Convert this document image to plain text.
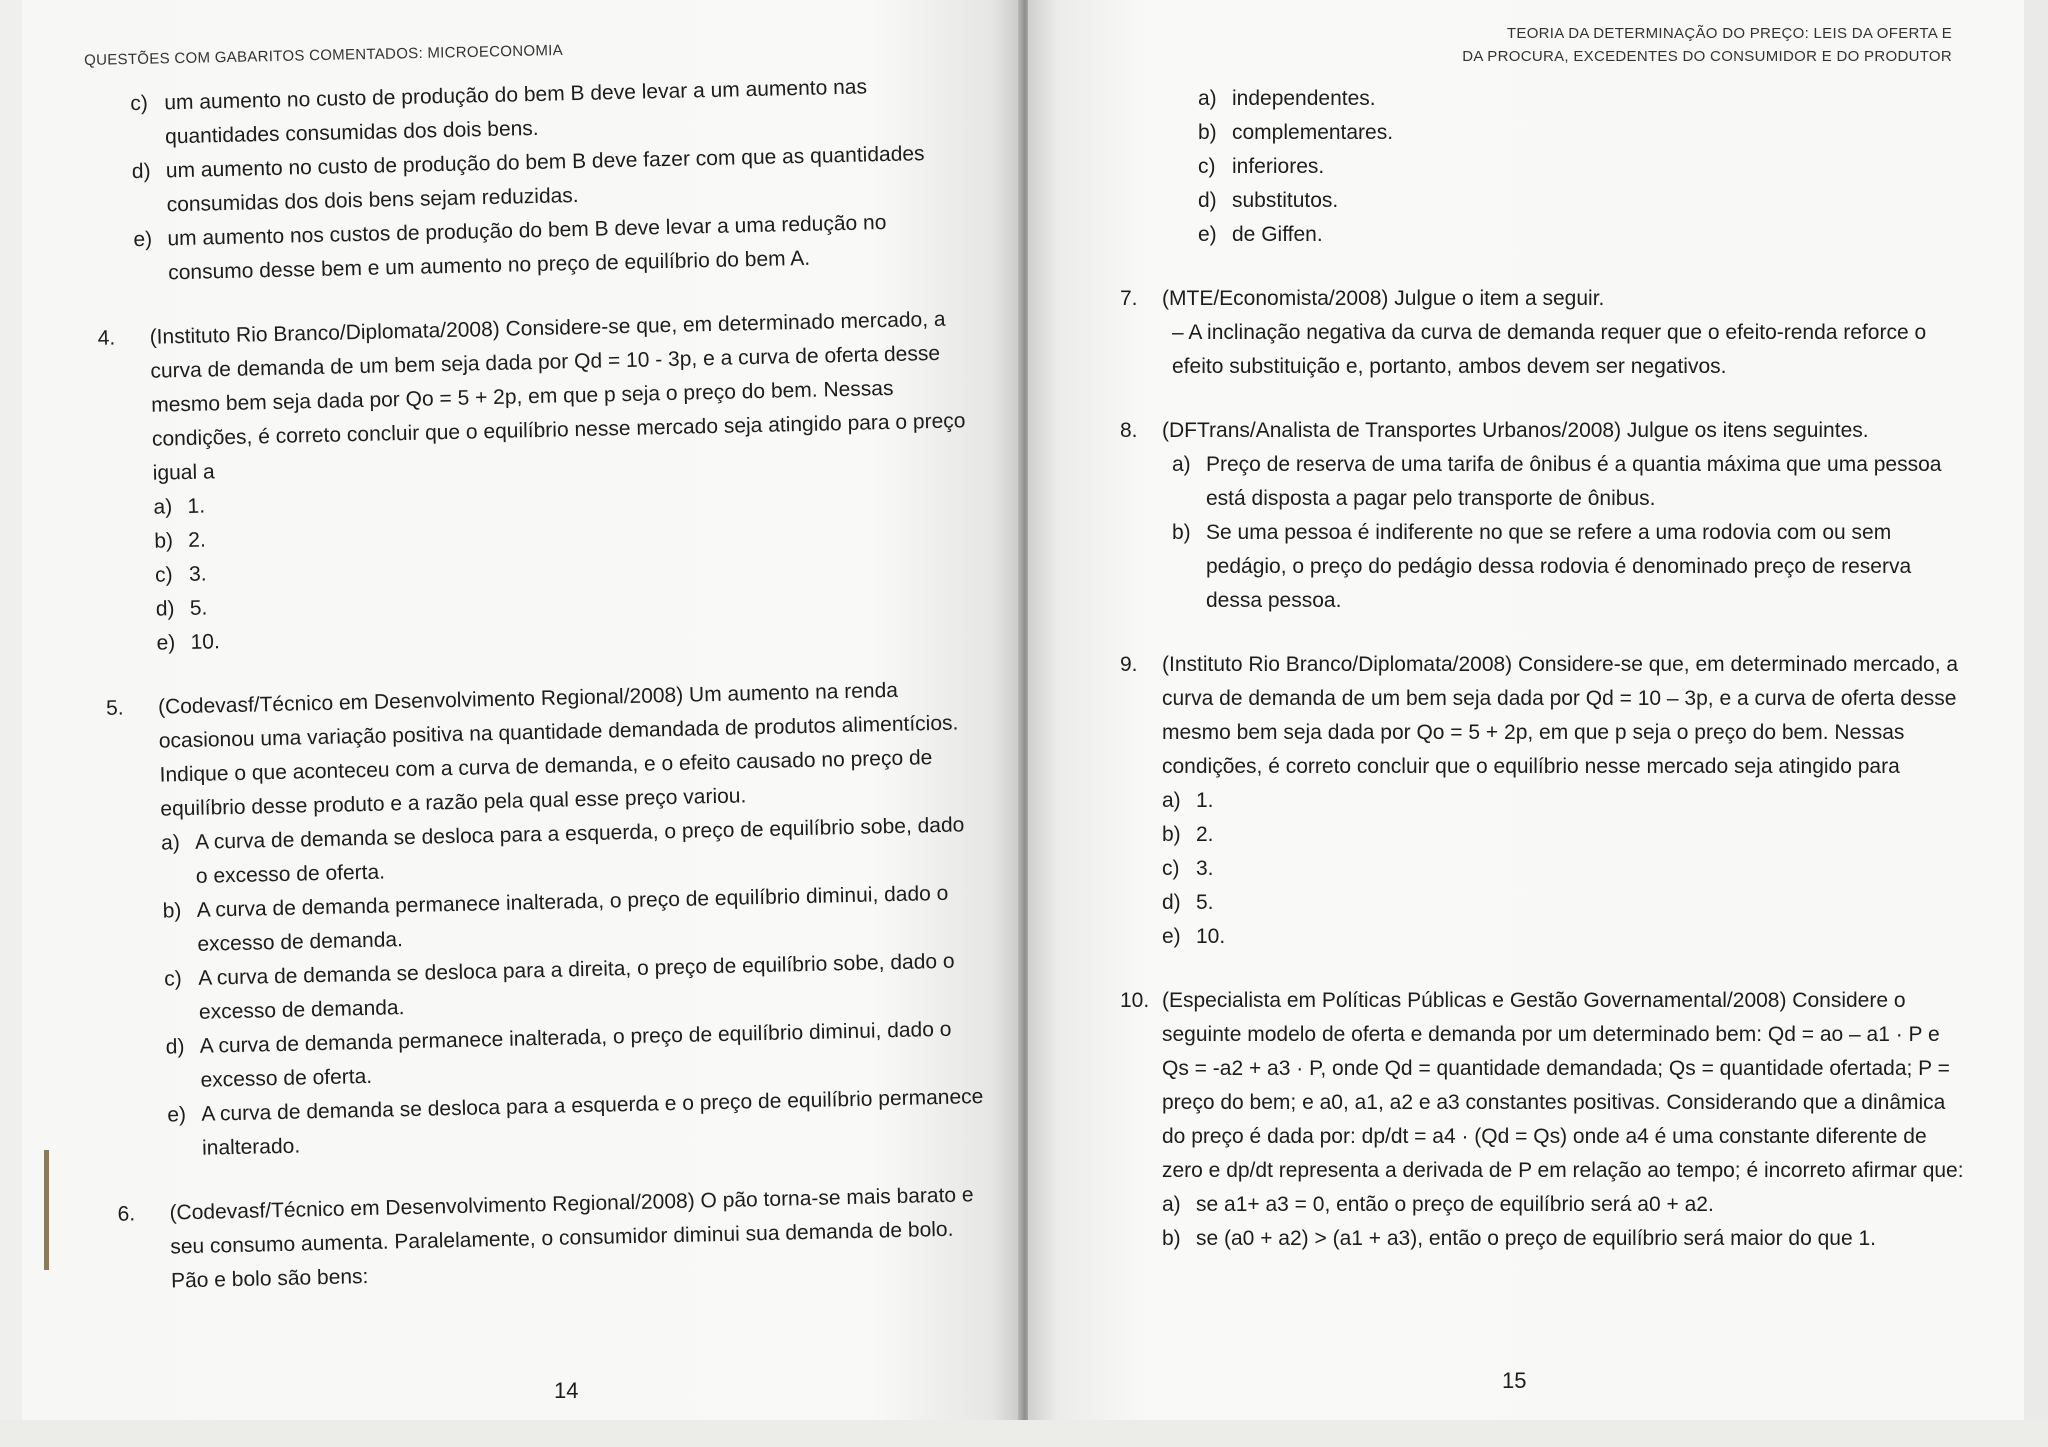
QUESTÕES COM GABARITOS COMENTADOS: MICROECONOMIA
c) um aumento no custo de produção do bem B deve levar a um aumento nas quantidades consumidas dos dois bens.
d) um aumento no custo de produção do bem B deve fazer com que as quantidades consumidas dos dois bens sejam reduzidas.
e) um aumento nos custos de produção do bem B deve levar a uma redução no consumo desse bem e um aumento no preço de equilíbrio do bem A.
4. (Instituto Rio Branco/Diplomata/2008) Considere-se que, em determinado mercado, a curva de demanda de um bem seja dada por Qd = 10 - 3p, e a curva de oferta desse mesmo bem seja dada por Qo = 5 + 2p, em que p seja o preço do bem. Nessas condições, é correto concluir que o equilíbrio nesse mercado seja atingido para o preço igual a
a) 1.
b) 2.
c) 3.
d) 5.
e) 10.
5. (Codevasf/Técnico em Desenvolvimento Regional/2008) Um aumento na renda ocasionou uma variação positiva na quantidade demandada de produtos alimentícios. Indique o que aconteceu com a curva de demanda, e o efeito causado no preço de equilíbrio desse produto e a razão pela qual esse preço variou.
a) A curva de demanda se desloca para a esquerda, o preço de equilíbrio sobe, dado o excesso de oferta.
b) A curva de demanda permanece inalterada, o preço de equilíbrio diminui, dado o excesso de demanda.
c) A curva de demanda se desloca para a direita, o preço de equilíbrio sobe, dado o excesso de demanda.
d) A curva de demanda permanece inalterada, o preço de equilíbrio diminui, dado o excesso de oferta.
e) A curva de demanda se desloca para a esquerda e o preço de equilíbrio permanece inalterado.
6. (Codevasf/Técnico em Desenvolvimento Regional/2008) O pão torna-se mais barato e seu consumo aumenta. Paralelamente, o consumidor diminui sua demanda de bolo. Pão e bolo são bens:
14
TEORIA DA DETERMINAÇÃO DO PREÇO: LEIS DA OFERTA E
DA PROCURA, EXCEDENTES DO CONSUMIDOR E DO PRODUTOR
a) independentes.
b) complementares.
c) inferiores.
d) substitutos.
e) de Giffen.
7. (MTE/Economista/2008) Julgue o item a seguir.
– A inclinação negativa da curva de demanda requer que o efeito-renda reforce o efeito substituição e, portanto, ambos devem ser negativos.
8. (DFTrans/Analista de Transportes Urbanos/2008) Julgue os itens seguintes.
a) Preço de reserva de uma tarifa de ônibus é a quantia máxima que uma pessoa está disposta a pagar pelo transporte de ônibus.
b) Se uma pessoa é indiferente no que se refere a uma rodovia com ou sem pedágio, o preço do pedágio dessa rodovia é denominado preço de reserva dessa pessoa.
9. (Instituto Rio Branco/Diplomata/2008) Considere-se que, em determinado mercado, a curva de demanda de um bem seja dada por Qd = 10 – 3p, e a curva de oferta desse mesmo bem seja dada por Qo = 5 + 2p, em que p seja o preço do bem. Nessas condições, é correto concluir que o equilíbrio nesse mercado seja atingido para
a) 1.
b) 2.
c) 3.
d) 5.
e) 10.
10. (Especialista em Políticas Públicas e Gestão Governamental/2008) Considere o seguinte modelo de oferta e demanda por um determinado bem: Qd = ao – a1 · P e Qs = -a2 + a3 · P, onde Qd = quantidade demandada; Qs = quantidade ofertada; P = preço do bem; e a0, a1, a2 e a3 constantes positivas. Considerando que a dinâmica do preço é dada por: dp/dt = a4 · (Qd = Qs) onde a4 é uma constante diferente de zero e dp/dt representa a derivada de P em relação ao tempo; é incorreto afirmar que:
a) se a1+ a3 = 0, então o preço de equilíbrio será a0 + a2.
b) se (a0 + a2) > (a1 + a3), então o preço de equilíbrio será maior do que 1.
15
